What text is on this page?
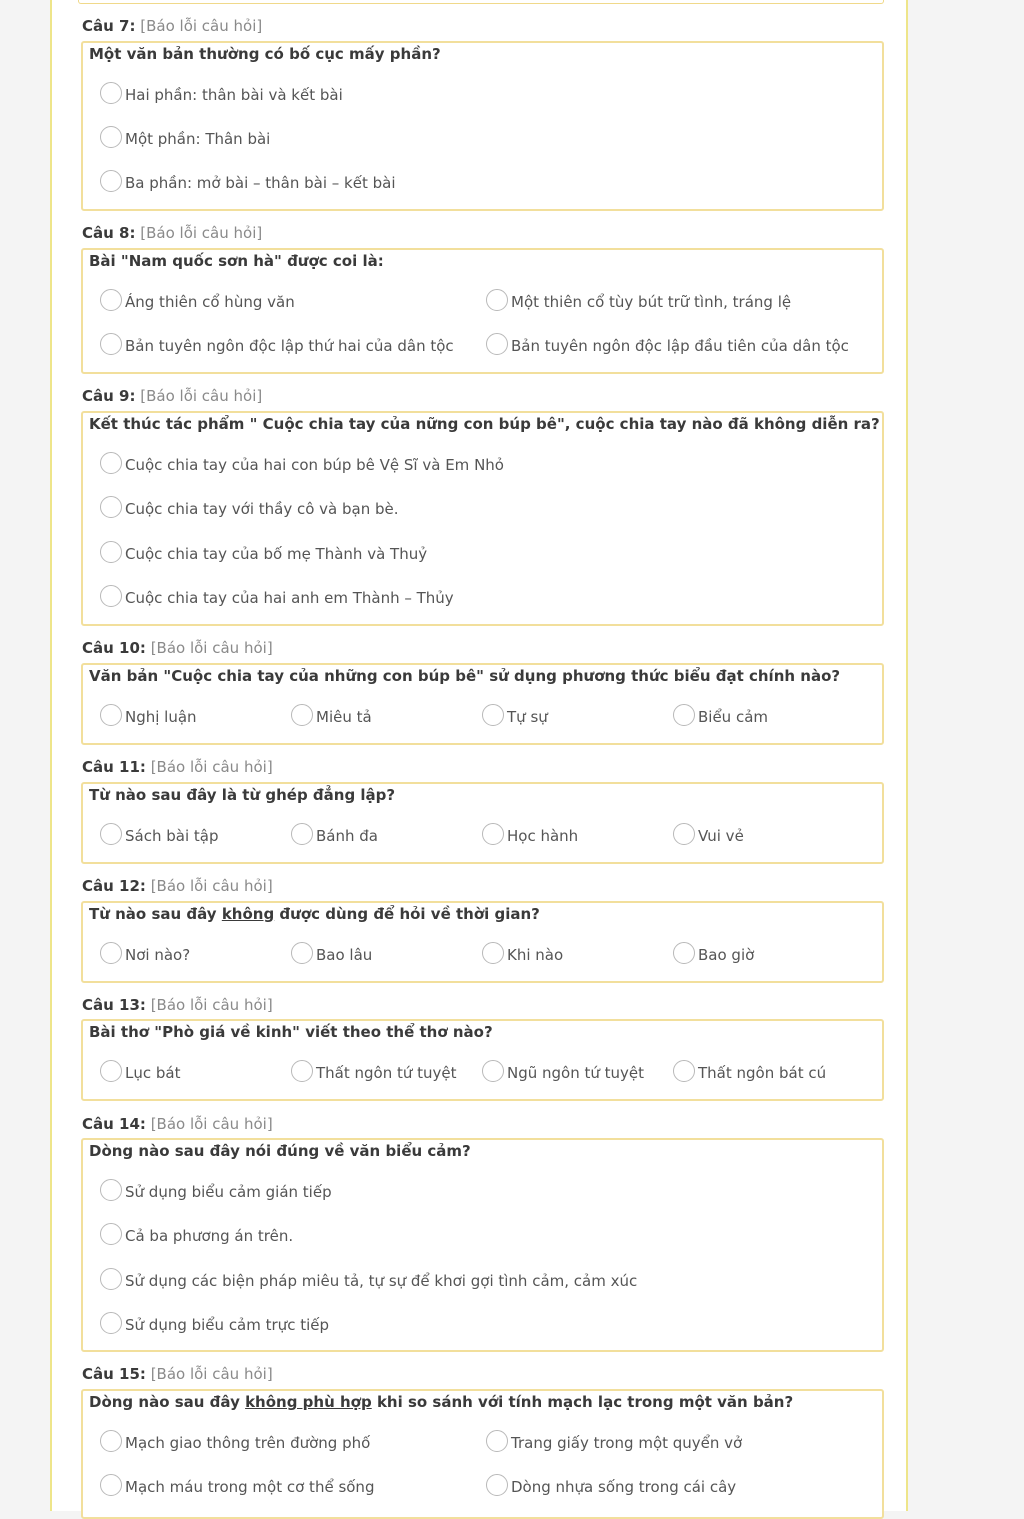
Câu 7: [Báo lỗi câu hỏi]
Một văn bản thường có bố cục mấy phần?
Hai phần: thân bài và kết bài
Một phần: Thân bài
Ba phần: mở bài – thân bài – kết bài
Câu 8: [Báo lỗi câu hỏi]
Bài "Nam quốc sơn hà" được coi là:
Áng thiên cổ hùng văn	Một thiên cổ tùy bút trữ tình, tráng lệ
Bản tuyên ngôn độc lập thứ hai của dân tộc	Bản tuyên ngôn độc lập đầu tiên của dân tộc
Câu 9: [Báo lỗi câu hỏi]
Kết thúc tác phẩm " Cuộc chia tay của nững con búp bê", cuộc chia tay nào đã không diễn ra?
Cuộc chia tay của hai con búp bê Vệ Sĩ và Em Nhỏ
Cuộc chia tay với thầy cô và bạn bè.
Cuộc chia tay của bố mẹ Thành và Thuỷ
Cuộc chia tay của hai anh em Thành – Thủy
Câu 10: [Báo lỗi câu hỏi]
Văn bản "Cuộc chia tay của những con búp bê" sử dụng phương thức biểu đạt chính nào?
Nghị luận	Miêu tả	Tự sự	Biểu cảm
Câu 11: [Báo lỗi câu hỏi]
Từ nào sau đây là từ ghép đẳng lập?
Sách bài tập	Bánh đa	Học hành	Vui vẻ
Câu 12: [Báo lỗi câu hỏi]
Từ nào sau đây không được dùng để hỏi về thời gian?
Nơi nào?	Bao lâu	Khi nào	Bao giờ
Câu 13: [Báo lỗi câu hỏi]
Bài thơ "Phò giá về kinh" viết theo thể thơ nào?
Lục bát	Thất ngôn tứ tuyệt	Ngũ ngôn tứ tuyệt	Thất ngôn bát cú
Câu 14: [Báo lỗi câu hỏi]
Dòng nào sau đây nói đúng về văn biểu cảm?
Sử dụng biểu cảm gián tiếp
Cả ba phương án trên.
Sử dụng các biện pháp miêu tả, tự sự để khơi gợi tình cảm, cảm xúc
Sử dụng biểu cảm trực tiếp
Câu 15: [Báo lỗi câu hỏi]
Dòng nào sau đây không phù hợp khi so sánh với tính mạch lạc trong một văn bản?
Mạch giao thông trên đường phố	Trang giấy trong một quyển vở
Mạch máu trong một cơ thể sống	Dòng nhựa sống trong cái cây
